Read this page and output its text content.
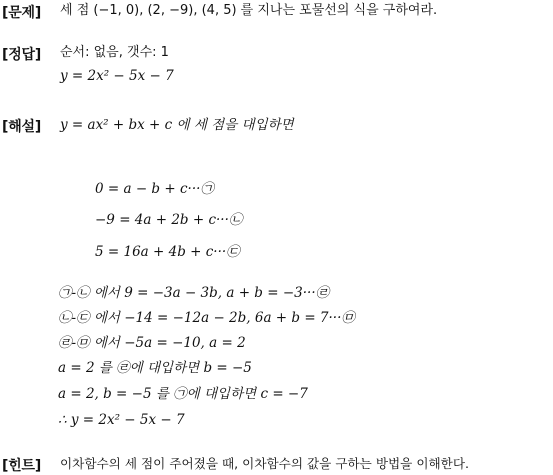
[문제] 세 점 (−1, 0), (2, −9), (4, 5) 를 지나는 포물선의 식을 구하여라.
[정답] 순서: 없음, 갯수: 1
y = 2x² − 5x − 7
[해설] y = ax² + bx + c 에 세 점을 대입하면
0 = a − b + c···㉠
−9 = 4a + 2b + c···㉡
5 = 16a + 4b + c···㉢
㉠-㉡ 에서 9 = −3a − 3b, a + b = −3···㉣
㉡-㉢ 에서 −14 = −12a − 2b, 6a + b = 7···㉤
㉣-㉤ 에서 −5a = −10, a = 2
a = 2 를 ㉣에 대입하면 b = −5
a = 2, b = −5 를 ㉠에 대입하면 c = −7
∴ y = 2x² − 5x − 7
[힌트] 이차함수의 세 점이 주어졌을 때, 이차함수의 값을 구하는 방법을 이해한다.
